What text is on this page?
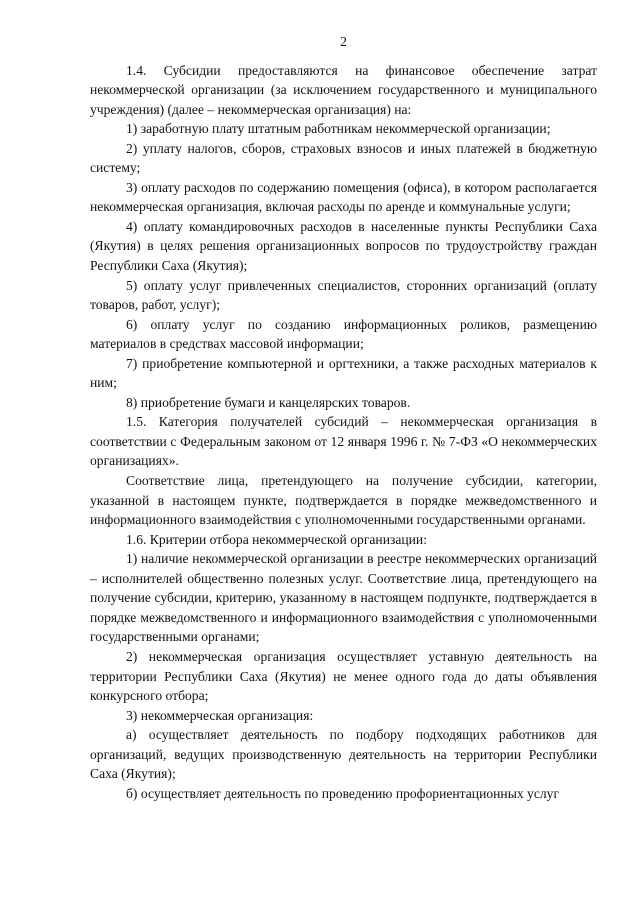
2

1.4. Субсидии предоставляются на финансовое обеспечение затрат некоммерческой организации (за исключением государственного и муниципального учреждения) (далее – некоммерческая организация) на:

1) заработную плату штатным работникам некоммерческой организации;

2) уплату налогов, сборов, страховых взносов и иных платежей в бюджетную систему;

3) оплату расходов по содержанию помещения (офиса), в котором располагается некоммерческая организация, включая расходы по аренде и коммунальные услуги;

4) оплату командировочных расходов в населенные пункты Республики Саха (Якутия) в целях решения организационных вопросов по трудоустройству граждан Республики Саха (Якутия);

5) оплату услуг привлеченных специалистов, сторонних организаций (оплату товаров, работ, услуг);

6) оплату услуг по созданию информационных роликов, размещению материалов в средствах массовой информации;

7) приобретение компьютерной и оргтехники, а также расходных материалов к ним;

8) приобретение бумаги и канцелярских товаров.

1.5. Категория получателей субсидий – некоммерческая организация в соответствии с Федеральным законом от 12 января 1996 г. № 7-ФЗ «О некоммерческих организациях».

Соответствие лица, претендующего на получение субсидии, категории, указанной в настоящем пункте, подтверждается в порядке межведомственного и информационного взаимодействия с уполномоченными государственными органами.

1.6. Критерии отбора некоммерческой организации:

1) наличие некоммерческой организации в реестре некоммерческих организаций – исполнителей общественно полезных услуг. Соответствие лица, претендующего на получение субсидии, критерию, указанному в настоящем подпункте, подтверждается в порядке межведомственного и информационного взаимодействия с уполномоченными государственными органами;

2) некоммерческая организация осуществляет уставную деятельность на территории Республики Саха (Якутия) не менее одного года до даты объявления конкурсного отбора;

3) некоммерческая организация:

а) осуществляет деятельность по подбору подходящих работников для организаций, ведущих производственную деятельность на территории Республики Саха (Якутия);

б) осуществляет деятельность по проведению профориентационных услуг
